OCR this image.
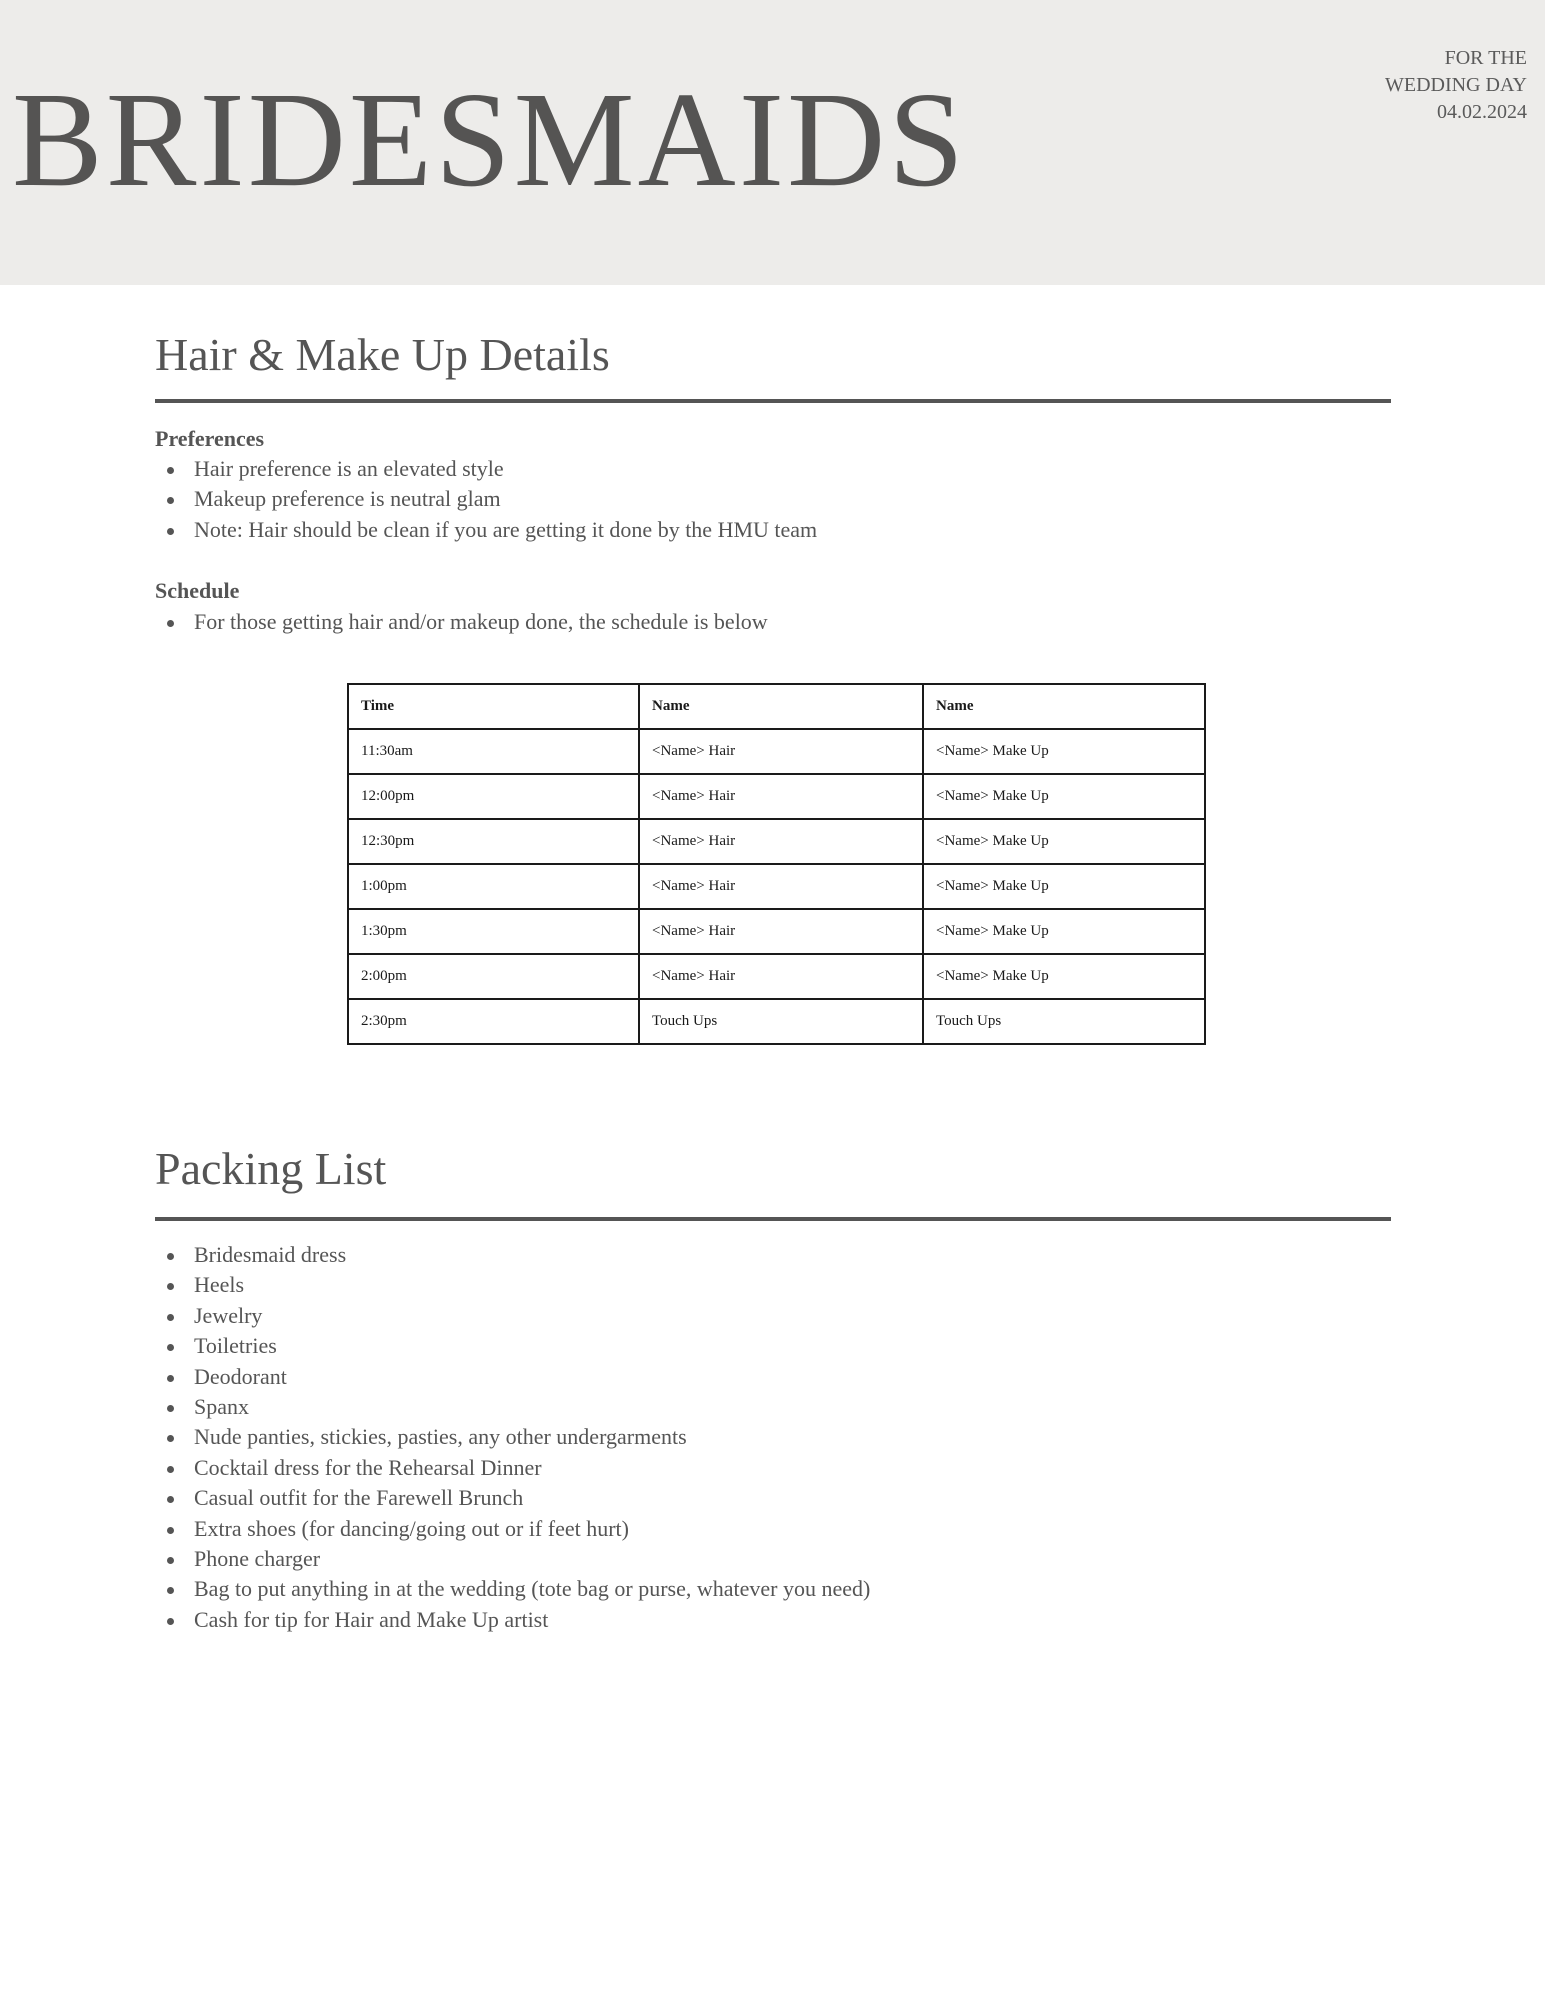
BRIDESMAIDS
FOR THE
WEDDING DAY
04.02.2024
Hair & Make Up Details
Preferences
Hair preference is an elevated style
Makeup preference is neutral glam
Note: Hair should be clean if you are getting it done by the HMU team
Schedule
For those getting hair and/or makeup done, the schedule is below
Time	Name	Name
11:30am	<Name> Hair	<Name> Make Up
12:00pm	<Name> Hair	<Name> Make Up
12:30pm	<Name> Hair	<Name> Make Up
1:00pm	<Name> Hair	<Name> Make Up
1:30pm	<Name> Hair	<Name> Make Up
2:00pm	<Name> Hair	<Name> Make Up
2:30pm	Touch Ups	Touch Ups
Packing List
Bridesmaid dress
Heels
Jewelry
Toiletries
Deodorant
Spanx
Nude panties, stickies, pasties, any other undergarments
Cocktail dress for the Rehearsal Dinner
Casual outfit for the Farewell Brunch
Extra shoes (for dancing/going out or if feet hurt)
Phone charger
Bag to put anything in at the wedding (tote bag or purse, whatever you need)
Cash for tip for Hair and Make Up artist
